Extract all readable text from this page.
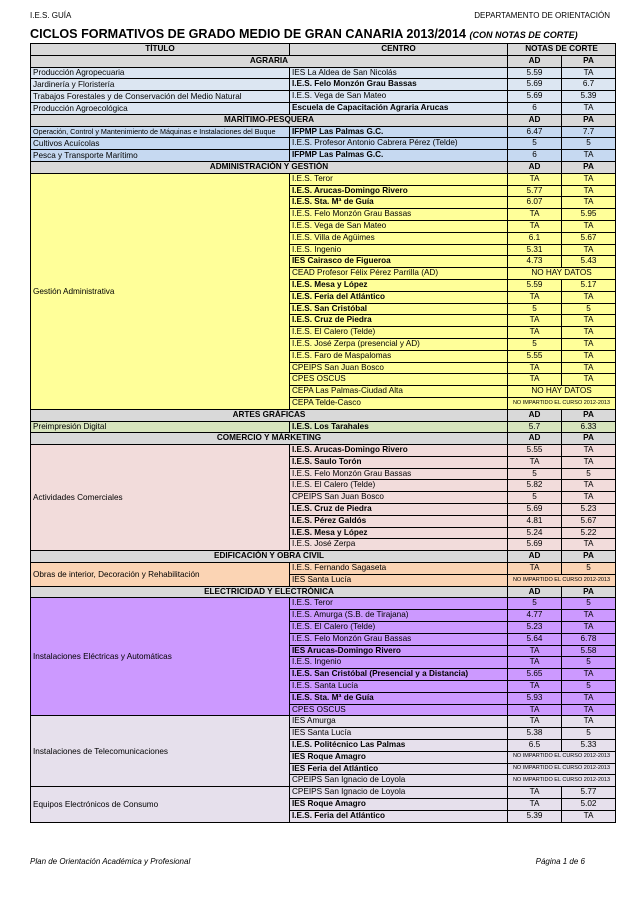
I.E.S. GUÍA	DEPARTAMENTO DE ORIENTACIÓN
CICLOS FORMATIVOS DE GRADO MEDIO DE GRAN CANARIA 2013/2014 (CON NOTAS DE CORTE)
TÍTULO	CENTRO	NOTAS DE CORTE	
AGRARIA		AD	PA
Producción Agropecuaria	IES La Aldea de San Nicolás	5.59	TA
Jardinería y Floristería	I.E.S. Felo Monzón Grau Bassas	5.69	6.7
Trabajos Forestales y de Conservación del Medio Natural	I.E.S. Vega de San Mateo	5.69	5.39
Producción Agroecológica	Escuela de Capacitación Agraria Arucas	6	TA
MARÍTIMO-PESQUERA		AD	PA
Operación, Control y Mantenimiento de Máquinas e Instalaciones del Buque	IFPMP Las Palmas G.C.	6.47	7.7
Cultivos Acuícolas	I.E.S. Profesor Antonio Cabrera Pérez (Telde)	5	5
Pesca y Transporte Marítimo	IFPMP Las Palmas G.C.	6	TA
ADMINISTRACIÓN Y GESTIÓN		AD	PA
Gestión Administrativa	I.E.S. Teror	TA	TA
	I.E.S. Arucas-Domingo Rivero	5.77	TA
	I.E.S. Sta. Mª de Guía	6.07	TA
	I.E.S. Felo Monzón Grau Bassas	TA	5.95
	I.E.S. Vega de San Mateo	TA	TA
	I.E.S. Villa de Agüimes	6.1	5.67
	I.E.S. Ingenio	5.31	TA
	IES Cairasco de Figueroa	4.73	5.43
	CEAD Profesor Félix Pérez Parrilla (AD)	NO HAY DATOS	
	I.E.S. Mesa y López	5.59	5.17
	I.E.S. Feria del Atlántico	TA	TA
	I.E.S. San Cristóbal	5	5
	I.E.S. Cruz de Piedra	TA	TA
	I.E.S. El Calero (Telde)	TA	TA
	I.E.S. José Zerpa (presencial y AD)	5	TA
	I.E.S. Faro de Maspalomas	5.55	TA
	CPEIPS San Juan Bosco	TA	TA
	CPES OSCUS	TA	TA
	CEPA Las Palmas-Ciudad Alta	NO HAY DATOS	
	CEPA Telde-Casco	NO IMPARTIDO EL CURSO 2012-2013	
ARTES GRÁFICAS		AD	PA
Preimpresión Digital	I.E.S. Los Tarahales	5.7	6.33
COMERCIO Y MÁRKETING		AD	PA
Actividades Comerciales	I.E.S. Arucas-Domingo Rivero	5.55	TA
	I.E.S. Saulo Torón	TA	TA
	I.E.S. Felo Monzón Grau Bassas	5	5
	I.E.S. El Calero (Telde)	5.82	TA
	CPEIPS San Juan Bosco	5	TA
	I.E.S. Cruz de Piedra	5.69	5.23
	I.E.S. Pérez Galdós	4.81	5.67
	I.E.S. Mesa y López	5.24	5.22
	I.E.S. José Zerpa	5.69	TA
EDIFICACIÓN Y OBRA CIVIL		AD	PA
Obras de interior, Decoración y Rehabilitación	I.E.S. Fernando Sagaseta	TA	5
	IES Santa Lucía	NO IMPARTIDO EL CURSO 2012-2013	
ELECTRICIDAD Y ELECTRÓNICA		AD	PA
Instalaciones Eléctricas y Automáticas	I.E.S. Teror	5	5
	I.E.S. Amurga (S.B. de Tirajana)	4.77	TA
	I.E.S. El Calero (Telde)	5.23	TA
	I.E.S. Felo Monzón Grau Bassas	5.64	6.78
	IES Arucas-Domingo Rivero	TA	5.58
	I.E.S. Ingenio	TA	5
	I.E.S. San Cristóbal (Presencial y a Distancia)	5.65	TA
	I.E.S. Santa Lucía	TA	5
	I.E.S. Sta. Mª de Guía	5.93	TA
	CPES OSCUS	TA	TA
Instalaciones de Telecomunicaciones	IES Amurga	TA	TA
	IES Santa Lucía	5.38	5
	I.E.S. Politécnico Las Palmas	6.5	5.33
	IES Roque Amagro	NO IMPARTIDO EL CURSO 2012-2013	
	IES Feria del Atlántico	NO IMPARTIDO EL CURSO 2012-2013	
	CPEIPS San Ignacio de Loyola	NO IMPARTIDO EL CURSO 2012-2013	
Equipos Electrónicos de Consumo	CPEIPS San Ignacio de Loyola	TA	5.77
	IES Roque Amagro	TA	5.02
	I.E.S. Feria del Atlántico	5.39	TA
Plan de Orientación Académica y Profesional	Página 1 de 6
